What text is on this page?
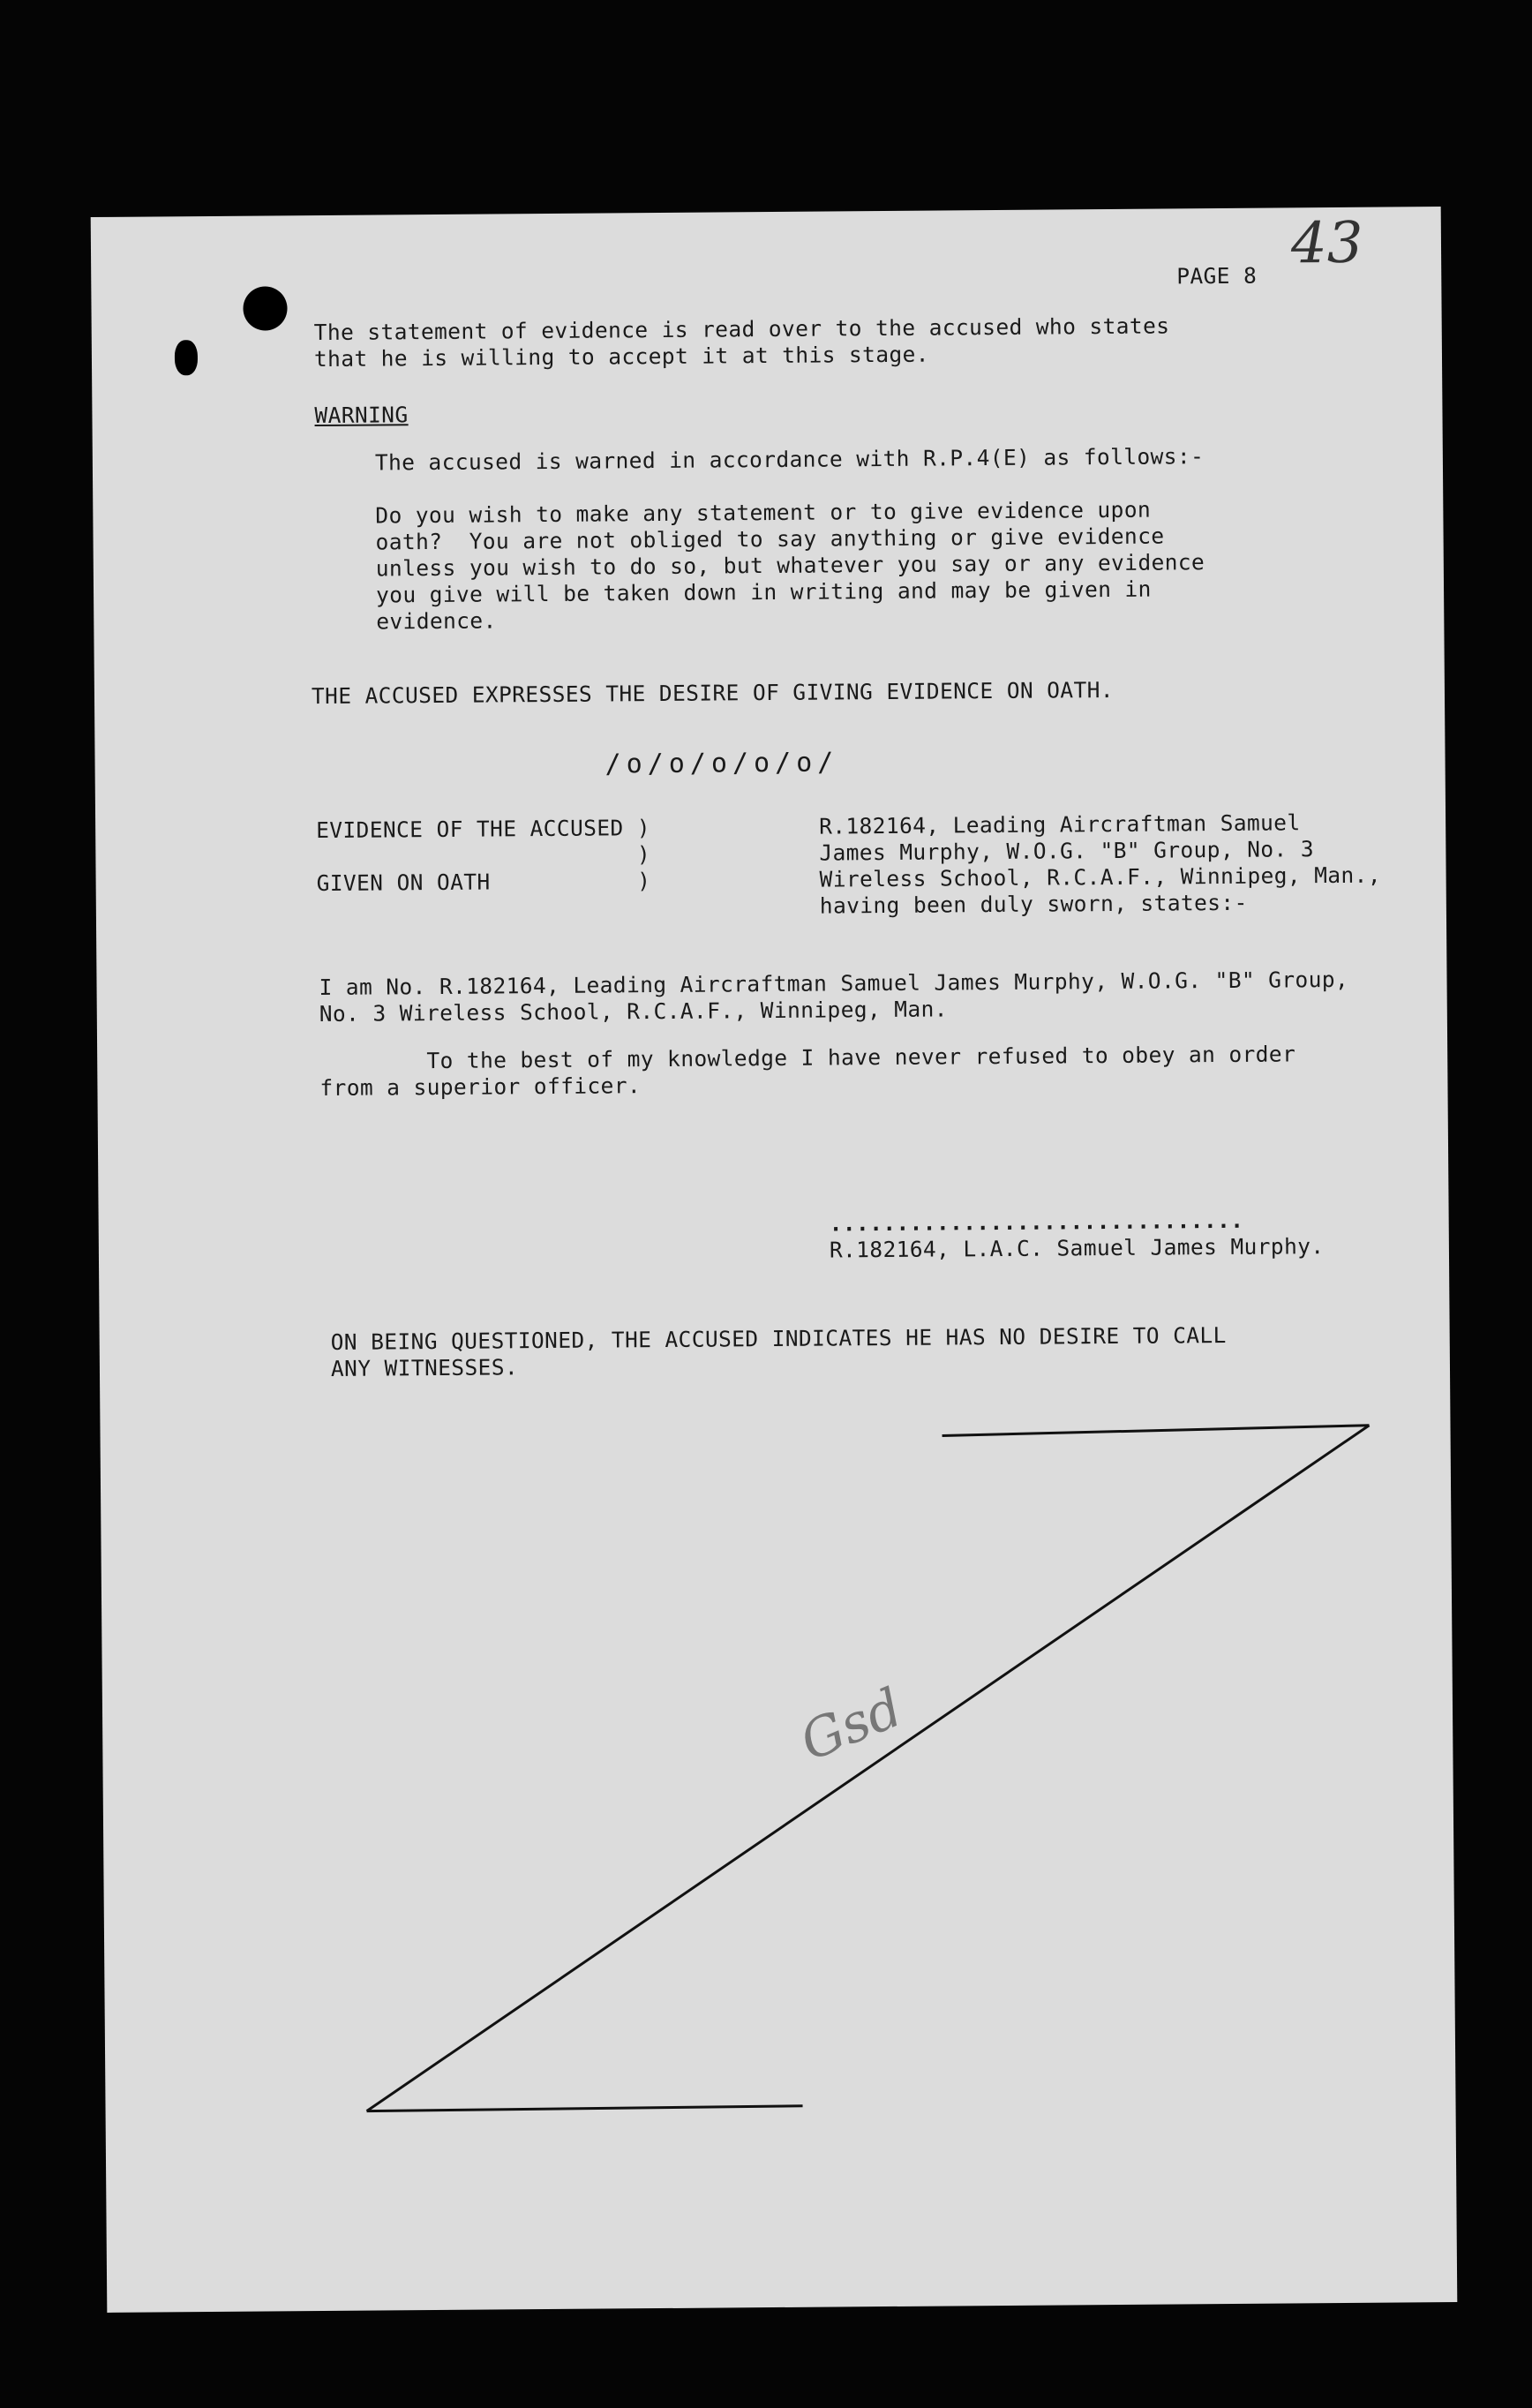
43
PAGE 8
The statement of evidence is read over to the accused who states
that he is willing to accept it at this stage.
WARNING
The accused is warned in accordance with R.P.4(E) as follows:-
Do you wish to make any statement or to give evidence upon
oath?  You are not obliged to say anything or give evidence
unless you wish to do so, but whatever you say or any evidence
you give will be taken down in writing and may be given in
evidence.
THE ACCUSED EXPRESSES THE DESIRE OF GIVING EVIDENCE ON OATH.
/o/o/o/o/o/
EVIDENCE OF THE ACCUSED )
)
GIVEN ON OATH           )
R.182164, Leading Aircraftman Samuel
James Murphy, W.O.G. "B" Group, No. 3
Wireless School, R.C.A.F., Winnipeg, Man.,
having been duly sworn, states:-
I am No. R.182164, Leading Aircraftman Samuel James Murphy, W.O.G. "B" Group,
No. 3 Wireless School, R.C.A.F., Winnipeg, Man.
To the best of my knowledge I have never refused to obey an order
from a superior officer.
...............................
R.182164, L.A.C. Samuel James Murphy.
ON BEING QUESTIONED, THE ACCUSED INDICATES HE HAS NO DESIRE TO CALL
ANY WITNESSES.
Gsd
